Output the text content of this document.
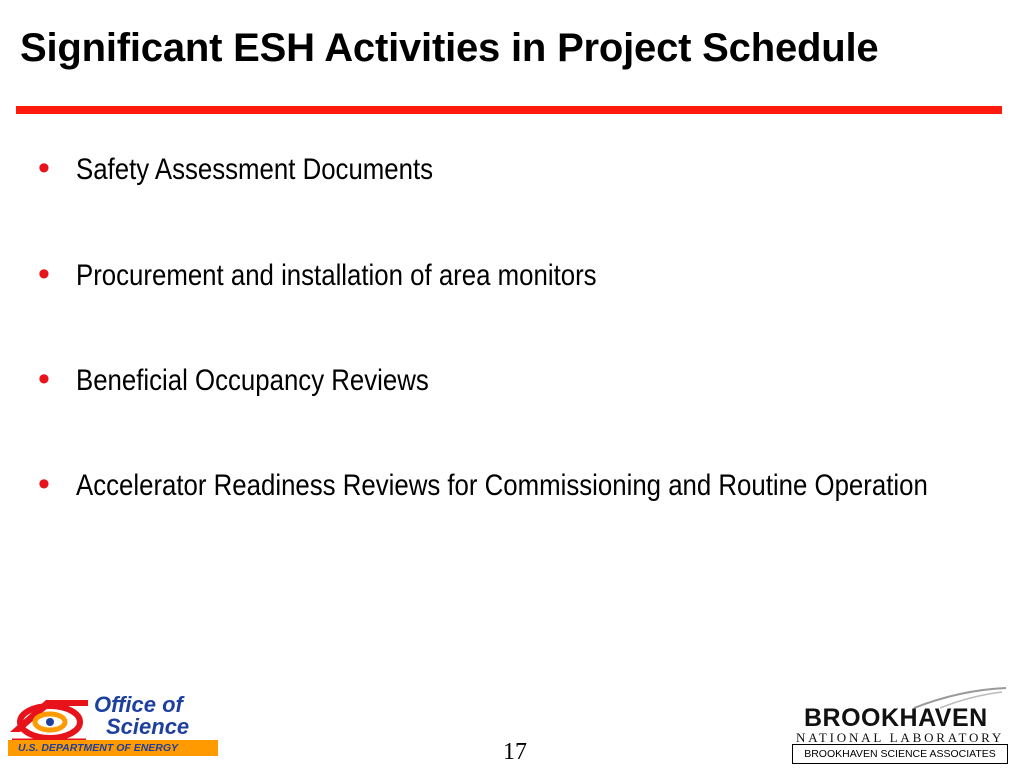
Significant ESH Activities in Project Schedule
• Safety Assessment Documents
• Procurement and installation of area monitors
• Beneficial Occupancy Reviews
• Accelerator Readiness Reviews for Commissioning and Routine Operation
Office of
Science
U.S. DEPARTMENT OF ENERGY	17
BROOKHAVEN
NATIONAL LABORATORY
BROOKHAVEN SCIENCE ASSOCIATES
